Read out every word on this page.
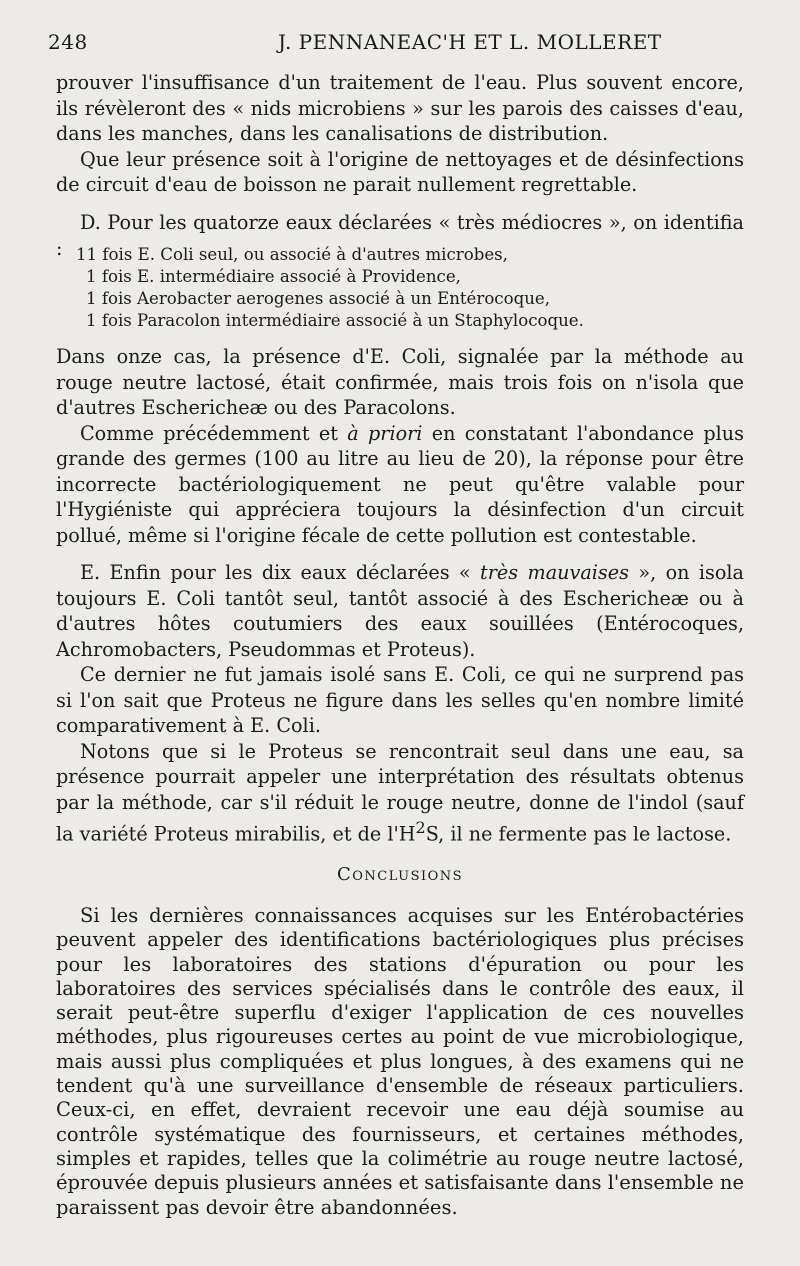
248	J. PENNANEAC'H ET L. MOLLERET

prouver l'insuffisance d'un traitement de l'eau. Plus souvent encore, ils révèleront des « nids microbiens » sur les parois des caisses d'eau, dans les manches, dans les canalisations de distribution.

Que leur présence soit à l'origine de nettoyages et de désinfections de circuit d'eau de boisson ne parait nullement regrettable.

D. Pour les quatorze eaux déclarées « très médiocres », on identifia : 11 fois E. Coli seul, ou associé à d'autres microbes,
1 fois E. intermédiaire associé à Providence,
1 fois Aerobacter aerogenes associé à un Entérocoque,
1 fois Paracolon intermédiaire associé à un Staphylocoque.

Dans onze cas, la présence d'E. Coli, signalée par la méthode au rouge neutre lactosé, était confirmée, mais trois fois on n'isola que d'autres Escherichеæ ou des Paracolons.

Comme précédemment et à priori en constatant l'abondance plus grande des germes (100 au litre au lieu de 20), la réponse pour être incorrecte bactériologiquement ne peut qu'être valable pour l'Hygiéniste qui appréciera toujours la désinfection d'un circuit pollué, même si l'origine fécale de cette pollution est contestable.

E. Enfin pour les dix eaux déclarées « très mauvaises », on isola toujours E. Coli tantôt seul, tantôt associé à des Escherichеæ ou à d'autres hôtes coutumiers des eaux souillées (Entérocoques, Achromobacters, Pseudommas et Proteus).

Ce dernier ne fut jamais isolé sans E. Coli, ce qui ne surprend pas si l'on sait que Proteus ne figure dans les selles qu'en nombre limité comparativement à E. Coli.

Notons que si le Proteus se rencontrait seul dans une eau, sa présence pourrait appeler une interprétation des résultats obtenus par la méthode, car s'il réduit le rouge neutre, donne de l'indol (sauf la variété Proteus mirabilis, et de $l'H^2S$, il ne fermente pas le lactose.

Conclusions

Si les dernières connaissances acquises sur les Entérobactéries peuvent appeler des identifications bactériologiques plus précises pour les laboratoires des stations d'épuration ou pour les laboratoires des services spécialisés dans le contrôle des eaux, il serait peut-être superflu d'exiger l'application de ces nouvelles méthodes, plus rigoureuses certes au point de vue microbiologique, mais aussi plus compliquées et plus longues, à des examens qui ne tendent qu'à une surveillance d'ensemble de réseaux particuliers. Ceux-ci, en effet, devraient recevoir une eau déjà soumise au contrôle systématique des fournisseurs, et certaines méthodes, simples et rapides, telles que la colimétrie au rouge neutre lactosé, éprouvée depuis plusieurs années et satisfaisante dans l'ensemble ne paraissent pas devoir être abandonnées.
